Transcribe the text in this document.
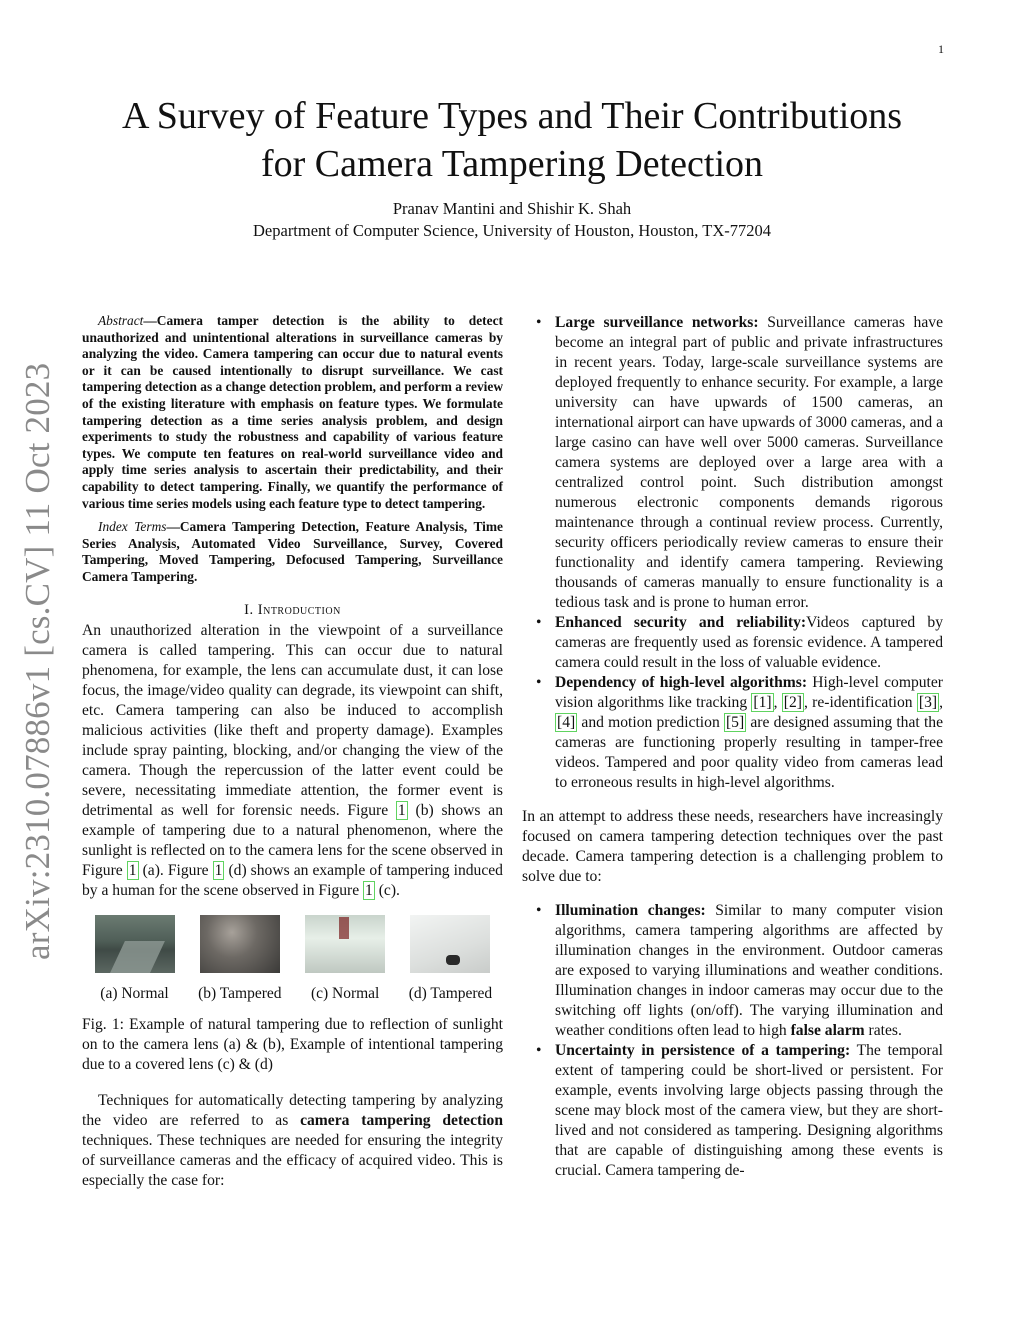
1
arXiv:2310.07886v1 [cs.CV] 11 Oct 2023
A Survey of Feature Types and Their Contributions
for Camera Tampering Detection
Pranav Mantini and Shishir K. Shah
Department of Computer Science, University of Houston, Houston, TX-77204

Abstract—Camera tamper detection is the ability to detect unauthorized and unintentional alterations in surveillance cameras by analyzing the video. Camera tampering can occur due to natural events or it can be caused intentionally to disrupt surveillance. We cast tampering detection as a change detection problem, and perform a review of the existing literature with emphasis on feature types. We formulate tampering detection as a time series analysis problem, and design experiments to study the robustness and capability of various feature types. We compute ten features on real-world surveillance video and apply time series analysis to ascertain their predictability, and their capability to detect tampering. Finally, we quantify the performance of various time series models using each feature type to detect tampering.

Index Terms—Camera Tampering Detection, Feature Analysis, Time Series Analysis, Automated Video Surveillance, Survey, Covered Tampering, Moved Tampering, Defocused Tampering, Surveillance Camera Tampering.

I. Introduction

An unauthorized alteration in the viewpoint of a surveillance camera is called tampering. This can occur due to natural phenomena, for example, the lens can accumulate dust, it can lose focus, the image/video quality can degrade, its viewpoint can shift, etc. Camera tampering can also be induced to accomplish malicious activities (like theft and property damage). Examples include spray painting, blocking, and/or changing the view of the camera. Though the repercussion of the latter event could be severe, necessitating immediate attention, the former event is detrimental as well for forensic needs. Figure 1 (b) shows an example of tampering due to a natural phenomenon, where the sunlight is reflected on to the camera lens for the scene observed in Figure 1 (a). Figure 1 (d) shows an example of tampering induced by a human for the scene observed in Figure 1 (c).

(a) Normal	(b) Tampered	(c) Normal	(d) Tampered

Fig. 1: Example of natural tampering due to reflection of sunlight on to the camera lens (a) & (b), Example of intentional tampering due to a covered lens (c) & (d)

Techniques for automatically detecting tampering by analyzing the video are referred to as camera tampering detection techniques. These techniques are needed for ensuring the integrity of surveillance cameras and the efficacy of acquired video. This is especially the case for:

• Large surveillance networks: Surveillance cameras have become an integral part of public and private infrastructures in recent years. Today, large-scale surveillance systems are deployed frequently to enhance security. For example, a large university can have upwards of 1500 cameras, an international airport can have upwards of 3000 cameras, and a large casino can have well over 5000 cameras. Surveillance camera systems are deployed over a large area with a centralized control point. Such distribution amongst numerous electronic components demands rigorous maintenance through a continual review process. Currently, security officers periodically review cameras to ensure their functionality and identify camera tampering. Reviewing thousands of cameras manually to ensure functionality is a tedious task and is prone to human error.
• Enhanced security and reliability:Videos captured by cameras are frequently used as forensic evidence. A tampered camera could result in the loss of valuable evidence.
• Dependency of high-level algorithms: High-level computer vision algorithms like tracking [1] , [2] , re-identification [3] , [4] and motion prediction [5] are designed assuming that the cameras are functioning properly resulting in tamper-free videos. Tampered and poor quality video from cameras lead to erroneous results in high-level algorithms.

In an attempt to address these needs, researchers have increasingly focused on camera tampering detection techniques over the past decade. Camera tampering detection is a challenging problem to solve due to:

• Illumination changes: Similar to many computer vision algorithms, camera tampering algorithms are affected by illumination changes in the environment. Outdoor cameras are exposed to varying illuminations and weather conditions. Illumination changes in indoor cameras may occur due to the switching off lights (on/off). The varying illumination and weather conditions often lead to high false alarm rates.
• Uncertainty in persistence of a tampering: The temporal extent of tampering could be short-lived or persistent. For example, events involving large objects passing through the scene may block most of the camera view, but they are short-lived and not considered as tampering. Designing algorithms that are capable of distinguishing among these events is crucial. Camera tampering de-
